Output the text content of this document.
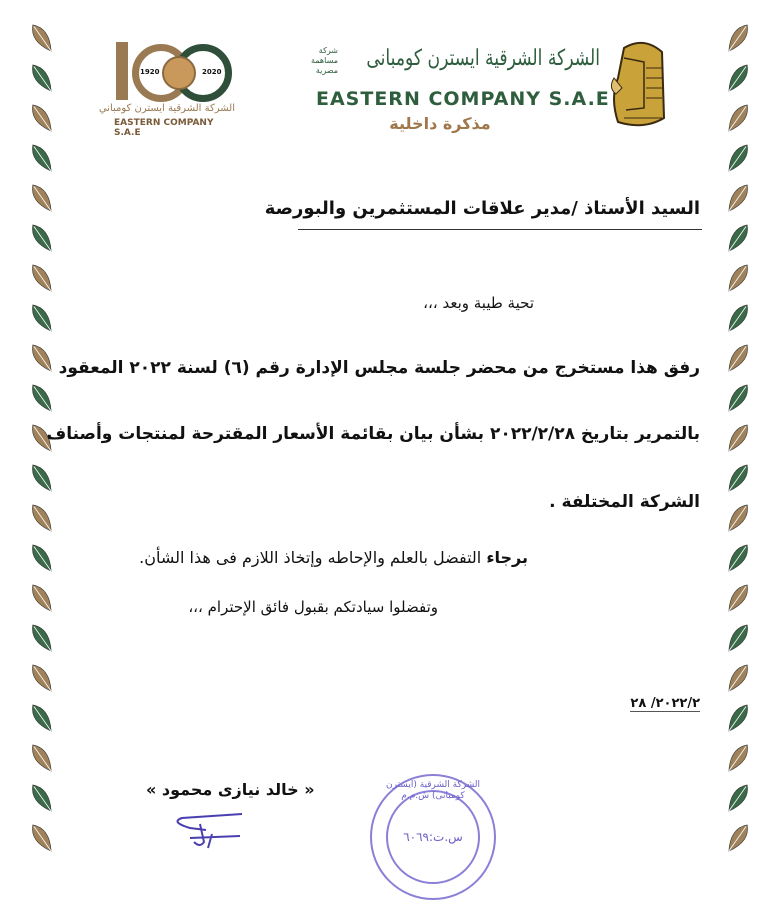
1920	2020
الشركة الشرقية ايسترن كومباني
EASTERN COMPANY S.A.E
الشركة الشرقية ايسترن كومبانى
شركة
مساهمة
مصرية
EASTERN COMPANY S.A.E
مذكرة داخلية
السيد الأستاذ /مدير علاقات المستثمرين والبورصة
تحية طيبة وبعد ،،،
رفق هذا مستخرج من محضر جلسة مجلس الإدارة رقم (٦) لسنة ٢٠٢٢ المعقود
بالتمرير بتاريخ ٢٠٢٢/٢/٢٨ بشأن بيان بقائمة الأسعار المقترحة لمنتجات وأصناف
الشركة المختلفة .
برجاء التفضل بالعلم والإحاطه وإتخاذ اللازم فى هذا الشأن.
وتفضلوا سيادتكم بقبول فائق الإحترام ،،،
٢٠٢٢/٢/ ٢٨
« خالد نيازى محمود »	الشركة الشرقية (ايسترن كومبانى) ش.م.م
س.ت:٦٠٦٩
